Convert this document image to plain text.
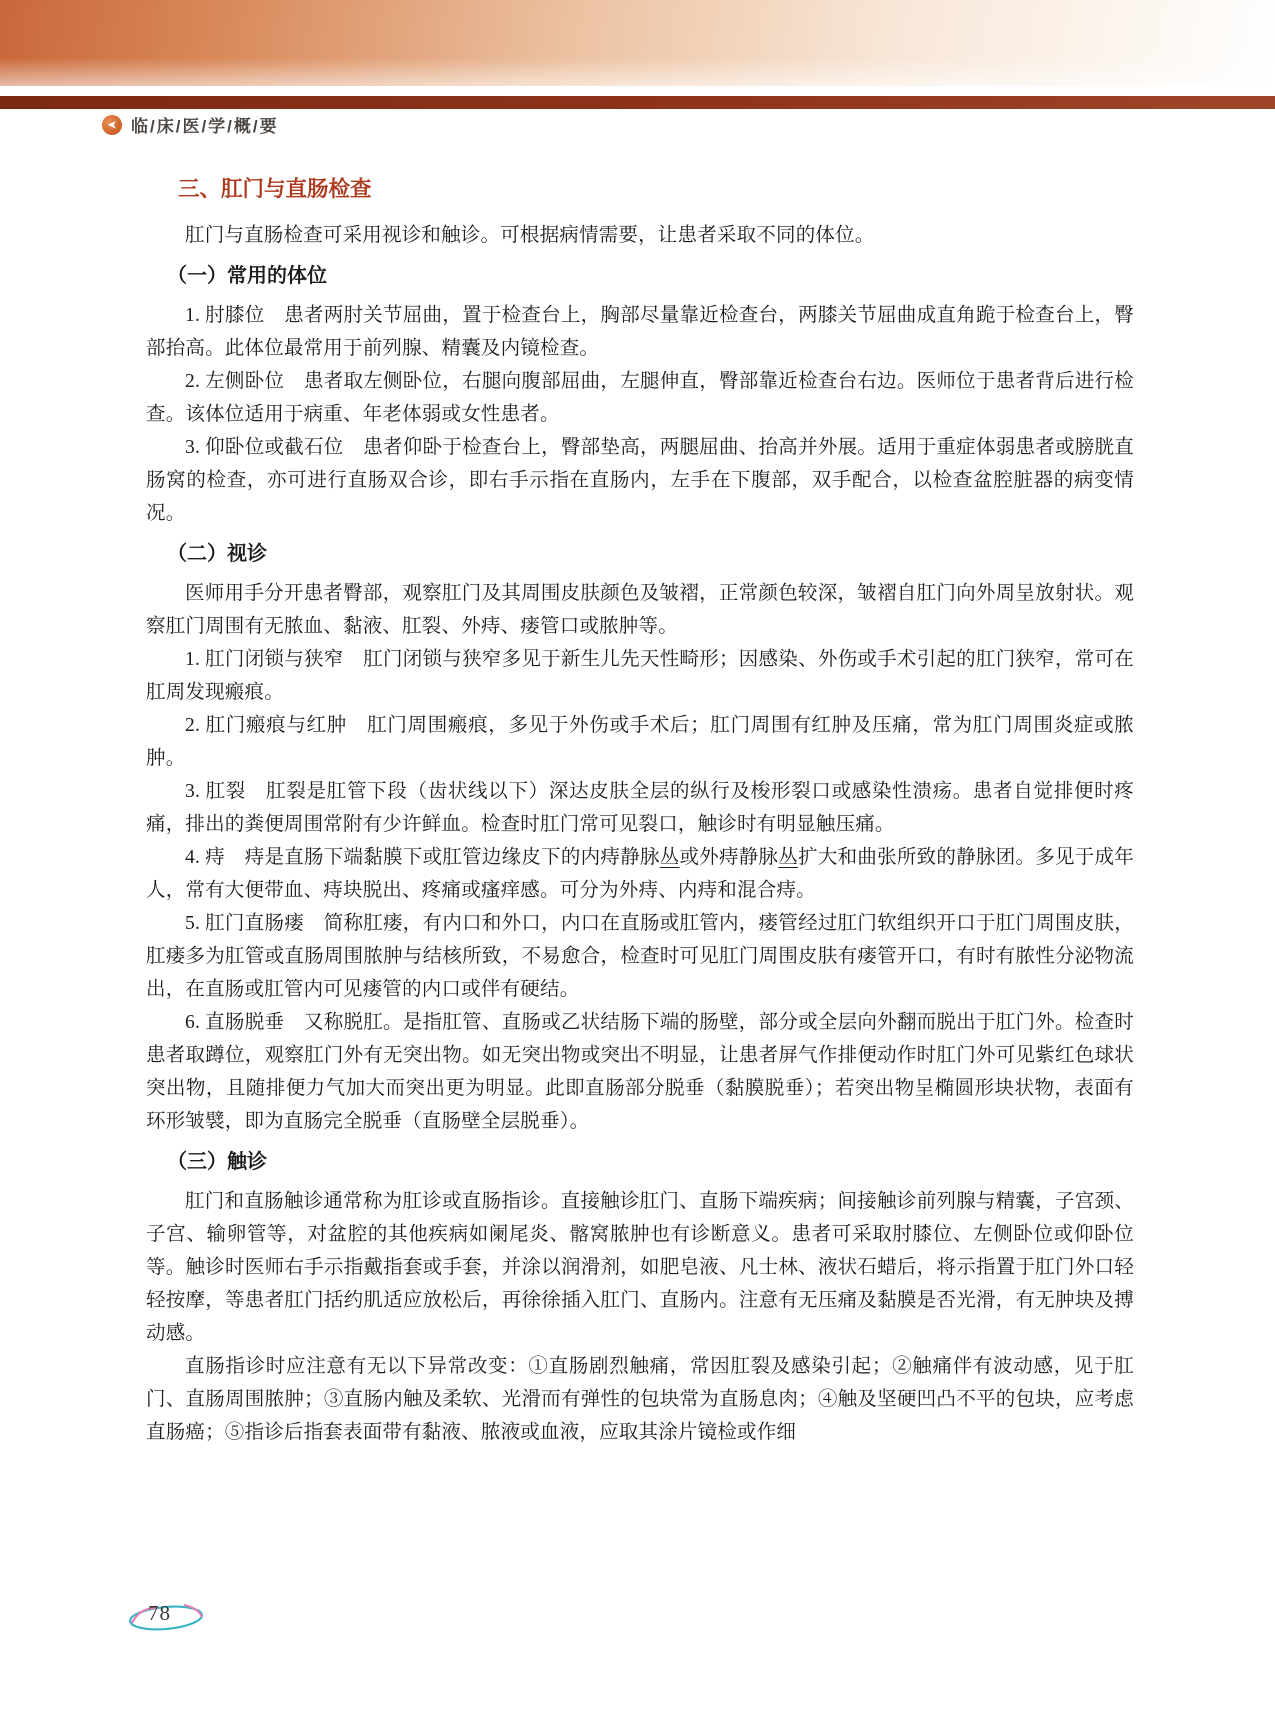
➤ 临/床/医/学/概/要
三、肛门与直肠检查

肛门与直肠检查可采用视诊和触诊。可根据病情需要，让患者采取不同的体位。

（一）常用的体位

1. 肘膝位　患者两肘关节屈曲，置于检查台上，胸部尽量靠近检查台，两膝关节屈曲成直角跪于检查台上，臀部抬高。此体位最常用于前列腺、精囊及内镜检查。

2. 左侧卧位　患者取左侧卧位，右腿向腹部屈曲，左腿伸直，臀部靠近检查台右边。医师位于患者背后进行检查。该体位适用于病重、年老体弱或女性患者。

3. 仰卧位或截石位　患者仰卧于检查台上，臀部垫高，两腿屈曲、抬高并外展。适用于重症体弱患者或膀胱直肠窝的检查，亦可进行直肠双合诊，即右手示指在直肠内，左手在下腹部，双手配合，以检查盆腔脏器的病变情况。

（二）视诊

医师用手分开患者臀部，观察肛门及其周围皮肤颜色及皱褶，正常颜色较深，皱褶自肛门向外周呈放射状。观察肛门周围有无脓血、黏液、肛裂、外痔、瘘管口或脓肿等。

1. 肛门闭锁与狭窄　肛门闭锁与狭窄多见于新生儿先天性畸形；因感染、外伤或手术引起的肛门狭窄，常可在肛周发现瘢痕。

2. 肛门瘢痕与红肿　肛门周围瘢痕，多见于外伤或手术后；肛门周围有红肿及压痛，常为肛门周围炎症或脓肿。

3. 肛裂　肛裂是肛管下段（齿状线以下）深达皮肤全层的纵行及梭形裂口或感染性溃疡。患者自觉排便时疼痛，排出的粪便周围常附有少许鲜血。检查时肛门常可见裂口，触诊时有明显触压痛。

4. 痔　痔是直肠下端黏膜下或肛管边缘皮下的内痔静脉丛或外痔静脉丛扩大和曲张所致的静脉团。多见于成年人，常有大便带血、痔块脱出、疼痛或瘙痒感。可分为外痔、内痔和混合痔。

5. 肛门直肠瘘　简称肛瘘，有内口和外口，内口在直肠或肛管内，瘘管经过肛门软组织开口于肛门周围皮肤，肛瘘多为肛管或直肠周围脓肿与结核所致，不易愈合，检查时可见肛门周围皮肤有瘘管开口，有时有脓性分泌物流出，在直肠或肛管内可见瘘管的内口或伴有硬结。

6. 直肠脱垂　又称脱肛。是指肛管、直肠或乙状结肠下端的肠壁，部分或全层向外翻而脱出于肛门外。检查时患者取蹲位，观察肛门外有无突出物。如无突出物或突出不明显，让患者屏气作排便动作时肛门外可见紫红色球状突出物，且随排便力气加大而突出更为明显。此即直肠部分脱垂（黏膜脱垂）；若突出物呈椭圆形块状物，表面有环形皱襞，即为直肠完全脱垂（直肠壁全层脱垂）。

（三）触诊

肛门和直肠触诊通常称为肛诊或直肠指诊。直接触诊肛门、直肠下端疾病；间接触诊前列腺与精囊，子宫颈、子宫、输卵管等，对盆腔的其他疾病如阑尾炎、髂窝脓肿也有诊断意义。患者可采取肘膝位、左侧卧位或仰卧位等。触诊时医师右手示指戴指套或手套，并涂以润滑剂，如肥皂液、凡士林、液状石蜡后，将示指置于肛门外口轻轻按摩，等患者肛门括约肌适应放松后，再徐徐插入肛门、直肠内。注意有无压痛及黏膜是否光滑，有无肿块及搏动感。

直肠指诊时应注意有无以下异常改变：①直肠剧烈触痛，常因肛裂及感染引起；②触痛伴有波动感，见于肛门、直肠周围脓肿；③直肠内触及柔软、光滑而有弹性的包块常为直肠息肉；④触及坚硬凹凸不平的包块，应考虑直肠癌；⑤指诊后指套表面带有黏液、脓液或血液，应取其涂片镜检或作细

78
